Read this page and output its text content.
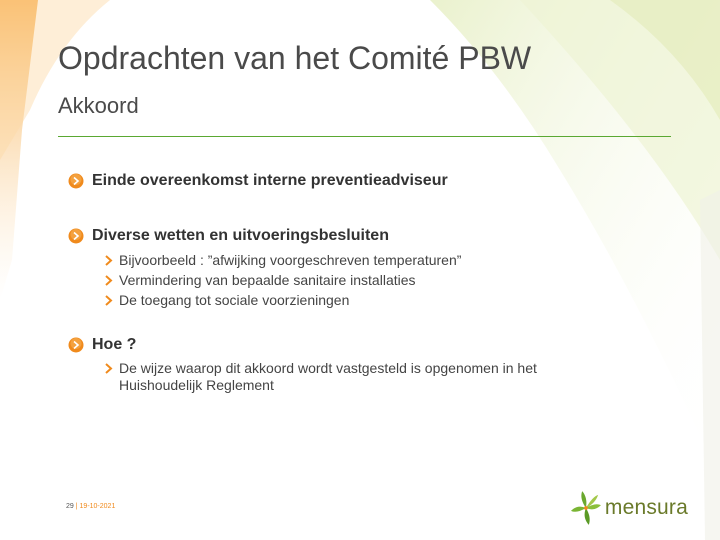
Opdrachten van het Comité PBW
Akkoord
Einde overeenkomst interne preventieadviseur
Diverse wetten en uitvoeringsbesluiten
Bijvoorbeeld : ”afwijking voorgeschreven temperaturen”
Vermindering van bepaalde sanitaire installaties
De toegang tot sociale voorzieningen
Hoe ?
De wijze waarop dit akkoord wordt vastgesteld is opgenomen in het
Huishoudelijk Reglement
29 | 19-10-2021	mensura
